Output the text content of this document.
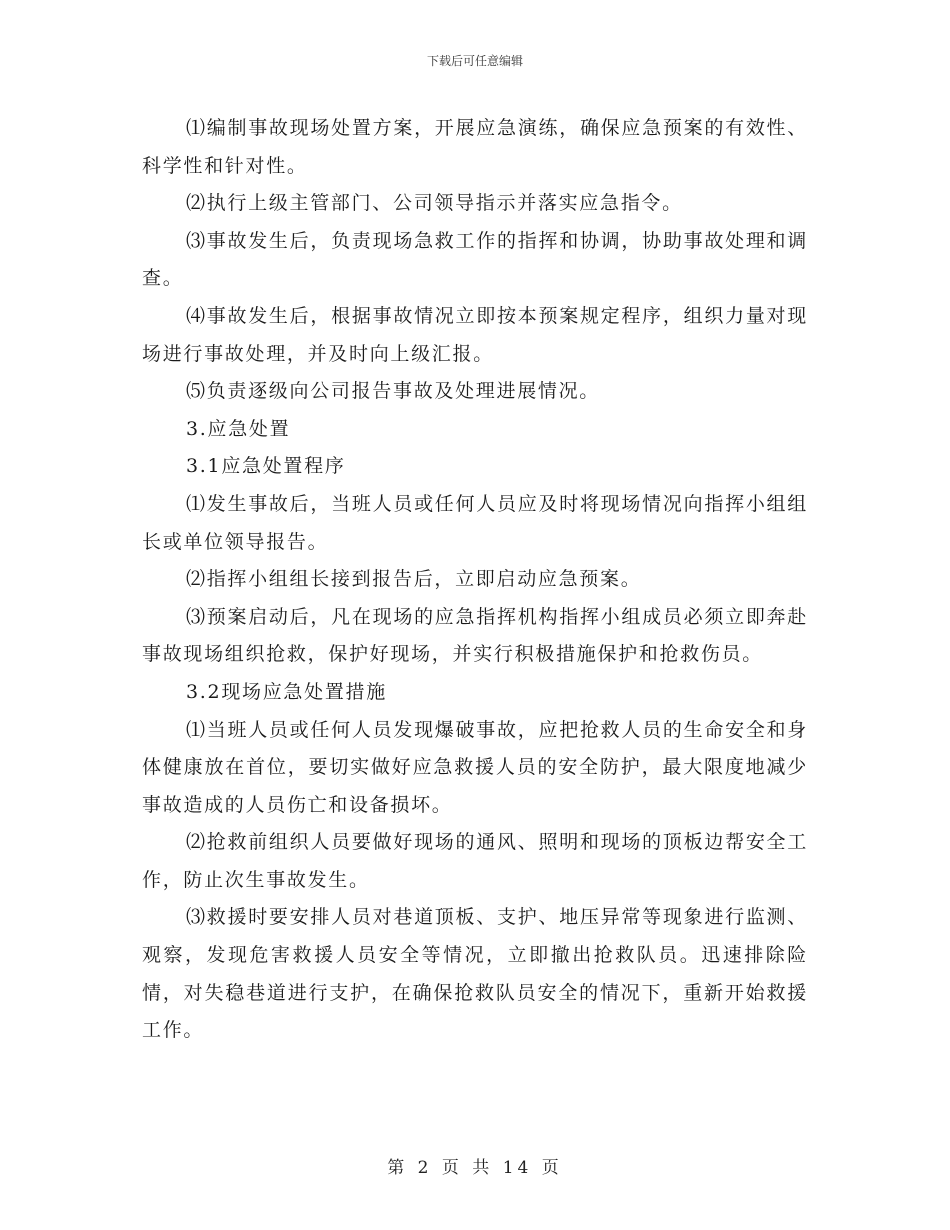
下载后可任意编辑

⑴编制事故现场处置方案，开展应急演练，确保应急预案的有效性、科学性和针对性。

⑵执行上级主管部门、公司领导指示并落实应急指令。

⑶事故发生后，负责现场急救工作的指挥和协调，协助事故处理和调查。

⑷事故发生后，根据事故情况立即按本预案规定程序，组织力量对现场进行事故处理，并及时向上级汇报。

⑸负责逐级向公司报告事故及处理进展情况。

3.应急处置

3.1应急处置程序

⑴发生事故后，当班人员或任何人员应及时将现场情况向指挥小组组长或单位领导报告。

⑵指挥小组组长接到报告后，立即启动应急预案。

⑶预案启动后，凡在现场的应急指挥机构指挥小组成员必须立即奔赴事故现场组织抢救，保护好现场，并实行积极措施保护和抢救伤员。

3.2现场应急处置措施

⑴当班人员或任何人员发现爆破事故，应把抢救人员的生命安全和身体健康放在首位，要切实做好应急救援人员的安全防护，最大限度地减少事故造成的人员伤亡和设备损坏。

⑵抢救前组织人员要做好现场的通风、照明和现场的顶板边帮安全工作，防止次生事故发生。

⑶救援时要安排人员对巷道顶板、支护、地压异常等现象进行监测、观察，发现危害救援人员安全等情况，立即撤出抢救队员。迅速排除险情，对失稳巷道进行支护，在确保抢救队员安全的情况下，重新开始救援工作。

第 2 页 共 14 页
